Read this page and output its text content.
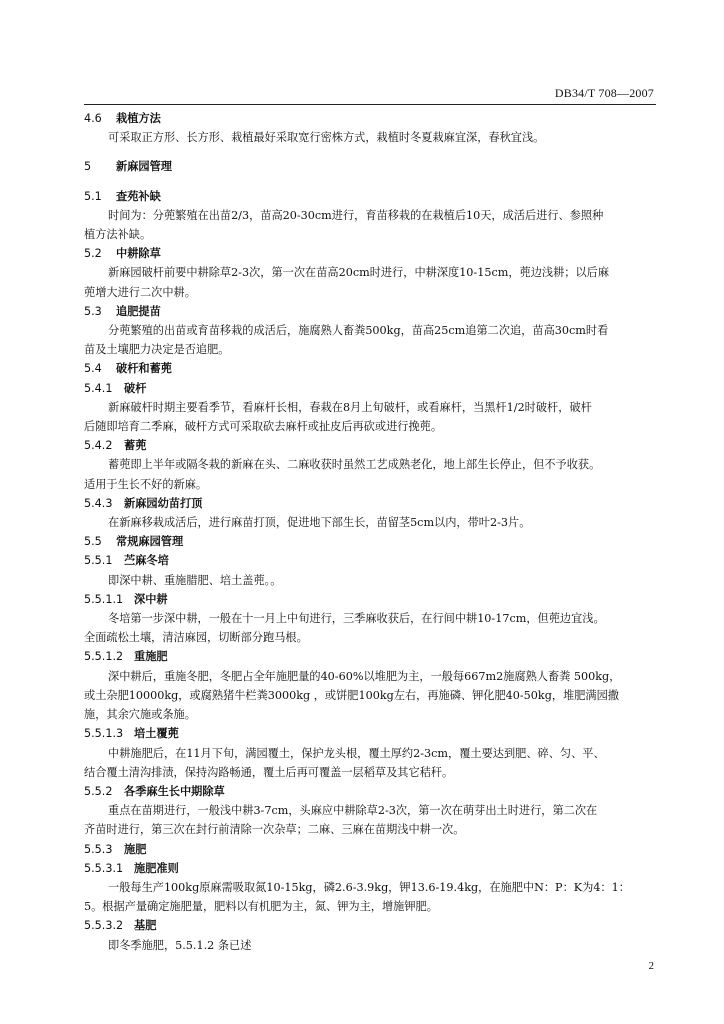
DB34/T 708—2007
4.6 栽植方法
可采取正方形、长方形、栽植最好采取宽行密株方式，栽植时冬夏栽麻宜深，春秋宜浅。
5 新麻园管理
5.1 查苑补缺
时间为：分蔸繁殖在出苗2/3，苗高20-30cm进行，育苗移栽的在栽植后10天，成活后进行、参照种
植方法补缺。
5.2 中耕除草
新麻园破杆前要中耕除草2-3次，第一次在苗高20cm时进行，中耕深度10-15cm，蔸边浅耕；以后麻
蔸增大进行二次中耕。
5.3 追肥提苗
分蔸繁殖的出苗或育苗移栽的成活后，施腐熟人畜粪500kg，苗高25cm追第二次追，苗高30cm时看
苗及土壤肥力决定是否追肥。
5.4 破杆和蓄蔸
5.4.1 破杆
新麻破杆时期主要看季节，看麻杆长相，春栽在8月上旬破杆，或看麻杆，当黑杆1/2时破杆，破杆
后随即培育二季麻，破杆方式可采取砍去麻杆或扯皮后再砍或进行挽蔸。
5.4.2 蓄蔸
蓄蔸即上半年或隔冬栽的新麻在头、二麻收获时虽然工艺成熟老化，地上部生长停止，但不予收获。
适用于生长不好的新麻。
5.4.3 新麻园幼苗打顶
在新麻移栽成活后，进行麻苗打顶，促进地下部生长，苗留茎5cm以内，带叶2-3片。
5.5 常规麻园管理
5.5.1 苎麻冬培
即深中耕、重施腊肥、培土盖蔸。。
5.5.1.1 深中耕
冬培第一步深中耕，一般在十一月上中旬进行，三季麻收获后，在行间中耕10-17cm，但蔸边宜浅。
全面疏松土壤，清洁麻园，切断部分跑马根。
5.5.1.2 重施肥
深中耕后，重施冬肥，冬肥占全年施肥量的40-60%以堆肥为主，一般每667m2施腐熟人畜粪 500kg，
或土杂肥10000kg，或腐熟猪牛栏粪3000kg ，或饼肥100kg左右，再施磷、钾化肥40-50kg，堆肥满园撒
施，其余穴施或条施。
5.5.1.3 培土覆蔸
中耕施肥后，在11月下旬，满园覆土，保护龙头根，覆土厚约2-3cm，覆土要达到肥、碎、匀、平、
结合覆土清沟排渍，保持沟路畅通，覆土后再可覆盖一层稻草及其它秸秆。
5.5.2 各季麻生长中期除草
重点在苗期进行，一般浅中耕3-7cm，头麻应中耕除草2-3次，第一次在萌芽出土时进行，第二次在
齐苗时进行，第三次在封行前清除一次杂草；二麻、三麻在苗期浅中耕一次。
5.5.3 施肥
5.5.3.1 施肥准则
一般每生产100kg原麻需吸取氮10-15kg，磷2.6-3.9kg，钾13.6-19.4kg，在施肥中N：P：K为4：1：
5。根据产量确定施肥量，肥料以有机肥为主，氮、钾为主，增施钾肥。
5.5.3.2 基肥
即冬季施肥，5.5.1.2 条已述
2
